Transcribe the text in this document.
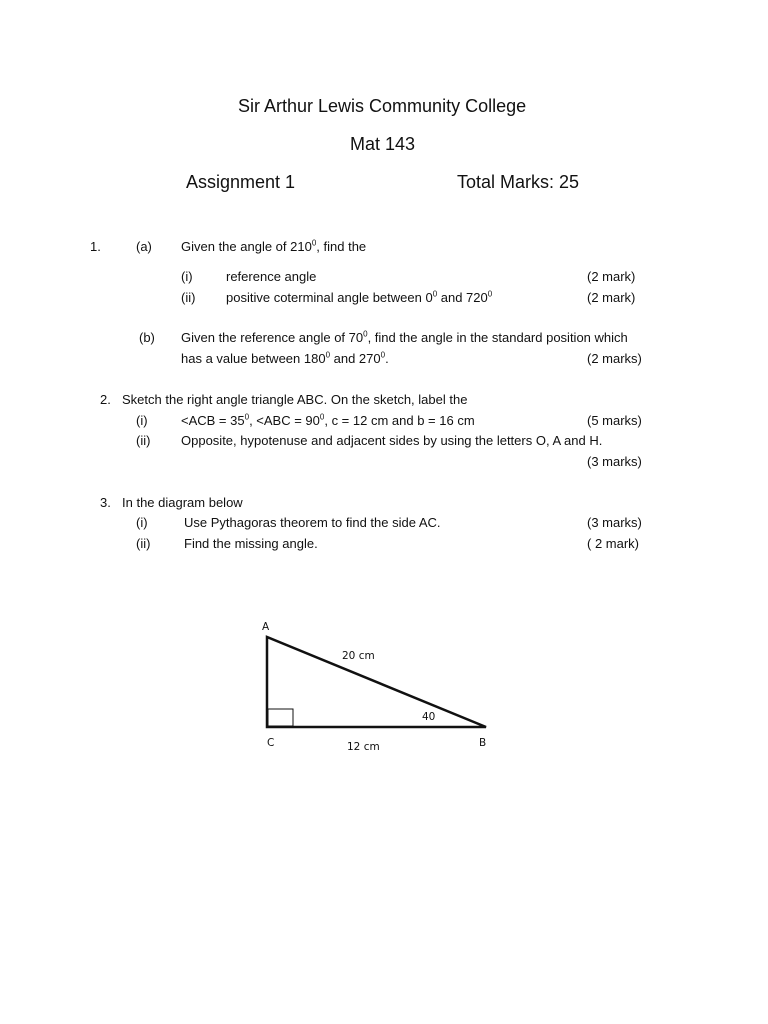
Sir Arthur Lewis Community College
Mat 143
Assignment 1	Total Marks: 25
1.	(a) Given the angle of $210^0$, find the
(i)	reference angle	(2 mark)
(ii) positive coterminal angle between $0^0$ and $720^0$	(2 mark)
(b) Given the reference angle of $70^0$, find the angle in the standard position which
has a value between $180^0$ and $270^0$.	(2 marks)
2. Sketch the right angle triangle ABC. On the sketch, label the
(i)	$<ACB = 35^0$, $<ABC = 90^0$, c = 12 cm and b = 16 cm	(5 marks)
(ii) Opposite, hypotenuse and adjacent sides by using the letters O, A and H.
(3 marks)
3. In the diagram below
(i)	Use Pythagoras theorem to find the side AC.	(3 marks)
(ii)	Find the missing angle.	( 2 mark)
A
C	B
20 cm
12 cm
40
